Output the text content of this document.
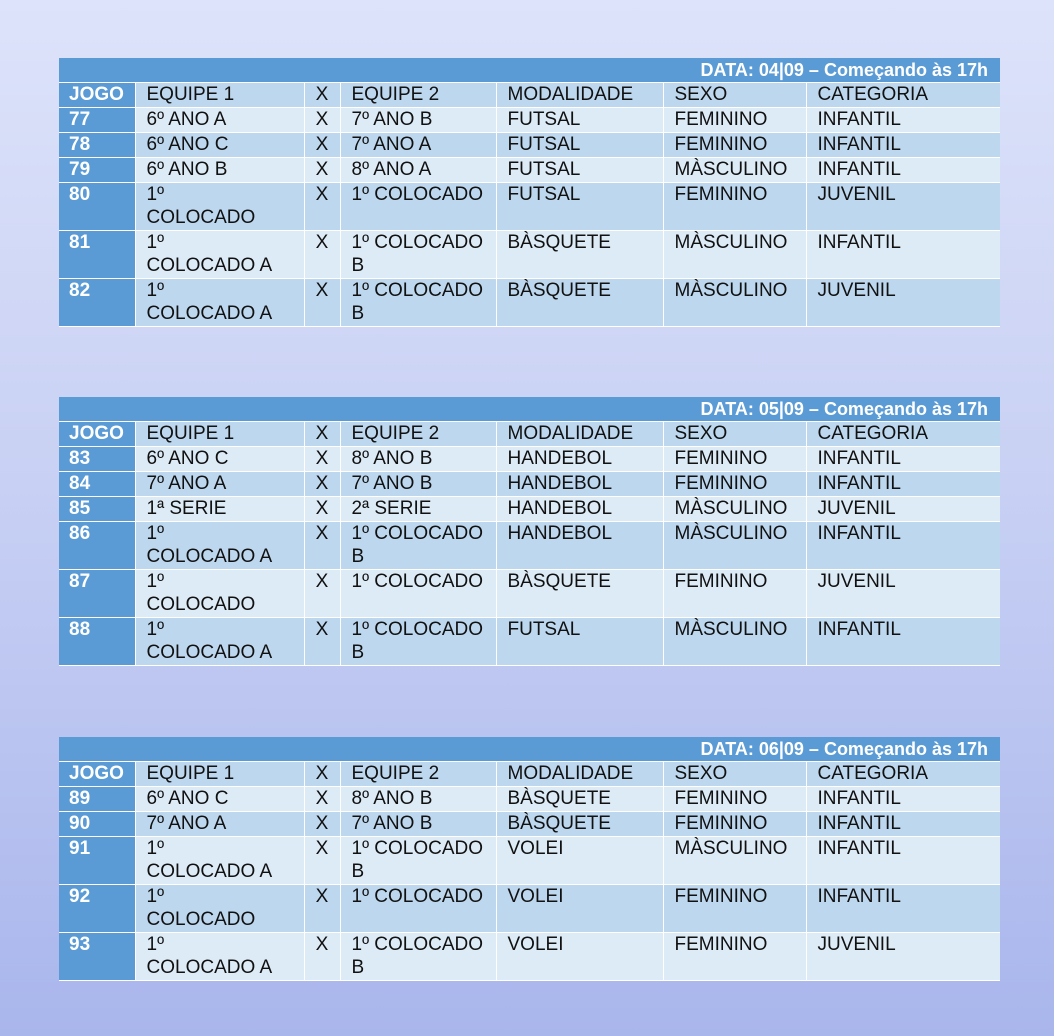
DATA: 04|09 – Começando às 17h						
JOGO	EQUIPE 1	X	EQUIPE 2	MODALIDADE	SEXO	CATEGORIA
77	6º ANO A	X	7º ANO B	FUTSAL	FEMININO	INFANTIL
78	6º ANO C	X	7º ANO A	FUTSAL	FEMININO	INFANTIL
79	6º ANO B	X	8º ANO A	FUTSAL	MÀSCULINO	INFANTIL
80	1º
COLOCADO	X	1º COLOCADO	FUTSAL	FEMININO	JUVENIL
81	1º
COLOCADO A	X	1º COLOCADO B	BÀSQUETE	MÀSCULINO	INFANTIL
82	1º
COLOCADO A	X	1º COLOCADO B	BÀSQUETE	MÀSCULINO	JUVENIL
DATA: 05|09 – Começando às 17h						
JOGO	EQUIPE 1	X	EQUIPE 2	MODALIDADE	SEXO	CATEGORIA
83	6º ANO C	X	8º ANO B	HANDEBOL	FEMININO	INFANTIL
84	7º ANO A	X	7º ANO B	HANDEBOL	FEMININO	INFANTIL
85	1ª SERIE	X	2ª SERIE	HANDEBOL	MÀSCULINO	JUVENIL
86	1º
COLOCADO A	X	1º COLOCADO B	HANDEBOL	MÀSCULINO	INFANTIL
87	1º
COLOCADO	X	1º COLOCADO	BÀSQUETE	FEMININO	JUVENIL
88	1º
COLOCADO A	X	1º COLOCADO B	FUTSAL	MÀSCULINO	INFANTIL
DATA: 06|09 – Começando às 17h						
JOGO	EQUIPE 1	X	EQUIPE 2	MODALIDADE	SEXO	CATEGORIA
89	6º ANO C	X	8º ANO B	BÀSQUETE	FEMININO	INFANTIL
90	7º ANO A	X	7º ANO B	BÀSQUETE	FEMININO	INFANTIL
91	1º
COLOCADO A	X	1º COLOCADO B	VOLEI	MÀSCULINO	INFANTIL
92	1º
COLOCADO	X	1º COLOCADO	VOLEI	FEMININO	INFANTIL
93	1º
COLOCADO A	X	1º COLOCADO B	VOLEI	FEMININO	JUVENIL
